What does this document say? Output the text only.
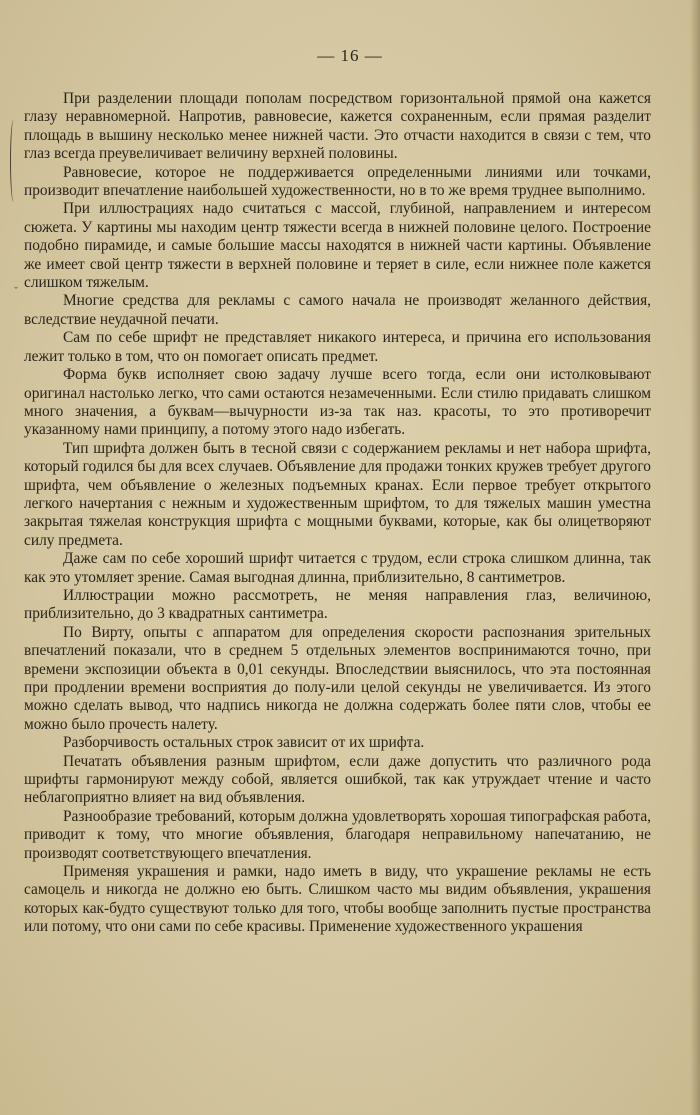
ˇ
— 16 —

При разделении площади пополам посредством горизонтальной прямой она кажется глазу неравномерной. Напротив, равновесие, кажется сохраненным, если прямая разделит площадь в вышину несколько менее нижней части. Это отчасти находится в связи с тем, что глаз всегда преувеличивает величину верхней половины.

Равновесие, которое не поддерживается определенными линиями или точками, производит впечатление наибольшей художественности, но в то же время труднее выполнимо.

При иллюстрациях надо считаться с массой, глубиной, направлением и интересом сюжета. У картины мы находим центр тяжести всегда в нижней половине целого. Построение подобно пирамиде, и самые большие массы находятся в нижней части картины. Объявление же имеет свой центр тяжести в верхней половине и теряет в силе, если нижнее поле кажется слишком тяжелым.

Многие средства для рекламы с самого начала не производят желанного действия, вследствие неудачной печати.

Сам по себе шрифт не представляет никакого интереса, и причина его использования лежит только в том, что он помогает описать предмет.

Форма букв исполняет свою задачу лучше всего тогда, если они истолковывают оригинал настолько легко, что сами остаются незамеченными. Если стилю придавать слишком много значения, а буквам—вычурности из-за так наз. красоты, то это противоречит указанному нами принципу, а потому этого надо избегать.

Тип шрифта должен быть в тесной связи с содержанием рекламы и нет набора шрифта, который годился бы для всех случаев. Объявление для продажи тонких кружев требует другого шрифта, чем объявление о железных подъемных кранах. Если первое требует открытого легкого начертания с нежным и художественным шрифтом, то для тяжелых машин уместна закрытая тяжелая конструкция шрифта с мощными буквами, которые, как бы олицетворяют силу предмета.

Даже сам по себе хороший шрифт читается с трудом, если строка слишком длинна, так как это утомляет зрение. Самая выгодная длинна, приблизительно, 8 сантиметров.

Иллюстрации можно рассмотреть, не меняя направления глаз, величиною, приблизительно, до 3 квадратных сантиметра.

По Вирту, опыты с аппаратом для определения скорости распознания зрительных впечатлений показали, что в среднем 5 отдельных элементов воспринимаются точно, при времени экспозиции объекта в 0,01 секунды. Впоследствии выяснилось, что эта постоянная при продлении времени восприятия до полу-или целой секунды не увеличивается. Из этого можно сделать вывод, что надпись никогда не должна содержать более пяти слов, чтобы ее можно было прочесть налету.

Разборчивость остальных строк зависит от их шрифта.

Печатать объявления разным шрифтом, если даже допустить что различного рода шрифты гармонируют между собой, является ошибкой, так как утруждает чтение и часто неблагоприятно влияет на вид объявления.

Разнообразие требований, которым должна удовлетворять хорошая типографская работа, приводит к тому, что многие объявления, благодаря неправильному напечатанию, не производят соответствующего впечатления.

Применяя украшения и рамки, надо иметь в виду, что украшение рекламы не есть самоцель и никогда не должно ею быть. Слишком часто мы видим объявления, украшения которых как-будто существуют только для того, чтобы вообще заполнить пустые пространства или потому, что они сами по себе красивы. Применение художественного украшения
